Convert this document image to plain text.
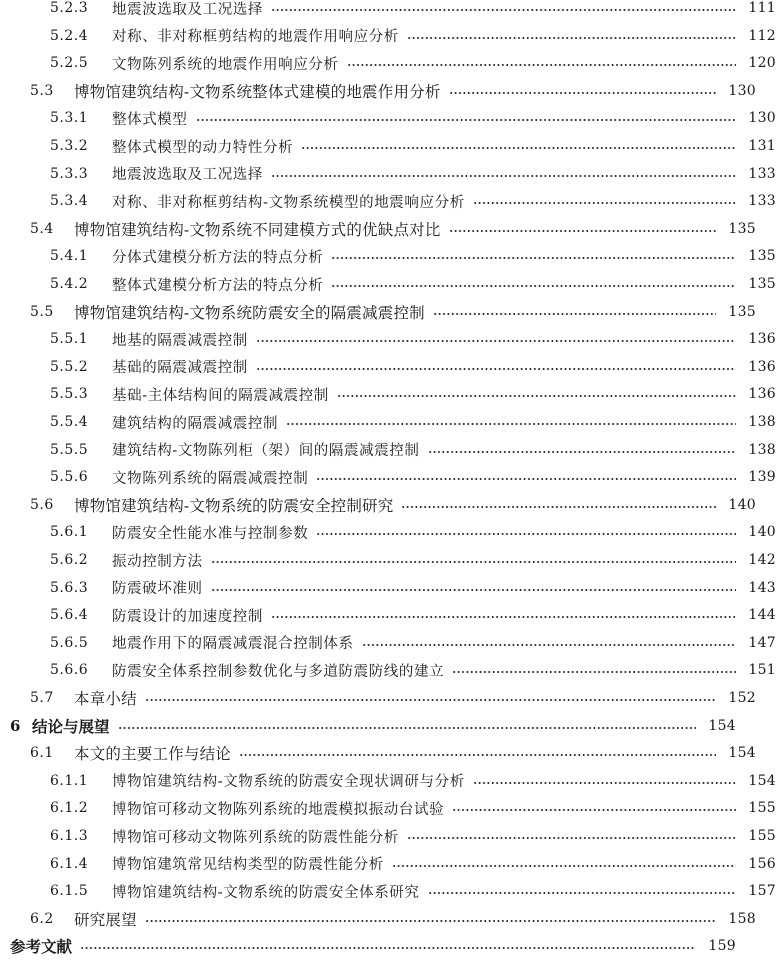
5.2.3	地震波选取及工况选择	111
5.2.4	对称、非对称框剪结构的地震作用响应分析	112
5.2.5	文物陈列系统的地震作用响应分析	120
5.3	博物馆建筑结构-文物系统整体式建模的地震作用分析	130
5.3.1	整体式模型	130
5.3.2	整体式模型的动力特性分析	131
5.3.3	地震波选取及工况选择	133
5.3.4	对称、非对称框剪结构-文物系统模型的地震响应分析	133
5.4	博物馆建筑结构-文物系统不同建模方式的优缺点对比	135
5.4.1	分体式建模分析方法的特点分析	135
5.4.2	整体式建模分析方法的特点分析	135
5.5	博物馆建筑结构-文物系统防震安全的隔震减震控制	135
5.5.1	地基的隔震减震控制	136
5.5.2	基础的隔震减震控制	136
5.5.3	基础-主体结构间的隔震减震控制	136
5.5.4	建筑结构的隔震减震控制	138
5.5.5	建筑结构-文物陈列柜（架）间的隔震减震控制	138
5.5.6	文物陈列系统的隔震减震控制	139
5.6	博物馆建筑结构-文物系统的防震安全控制研究	140
5.6.1	防震安全性能水准与控制参数	140
5.6.2	振动控制方法	142
5.6.3	防震破坏准则	143
5.6.4	防震设计的加速度控制	144
5.6.5	地震作用下的隔震减震混合控制体系	147
5.6.6	防震安全体系控制参数优化与多道防震防线的建立	151
5.7	本章小结	152
6 结论与展望	154
6.1	本文的主要工作与结论	154
6.1.1	博物馆建筑结构-文物系统的防震安全现状调研与分析	154
6.1.2	博物馆可移动文物陈列系统的地震模拟振动台试验	155
6.1.3	博物馆可移动文物陈列系统的防震性能分析	155
6.1.4	博物馆建筑常见结构类型的防震性能分析	156
6.1.5	博物馆建筑结构-文物系统的防震安全体系研究	157
6.2	研究展望	158
参考文献	159
